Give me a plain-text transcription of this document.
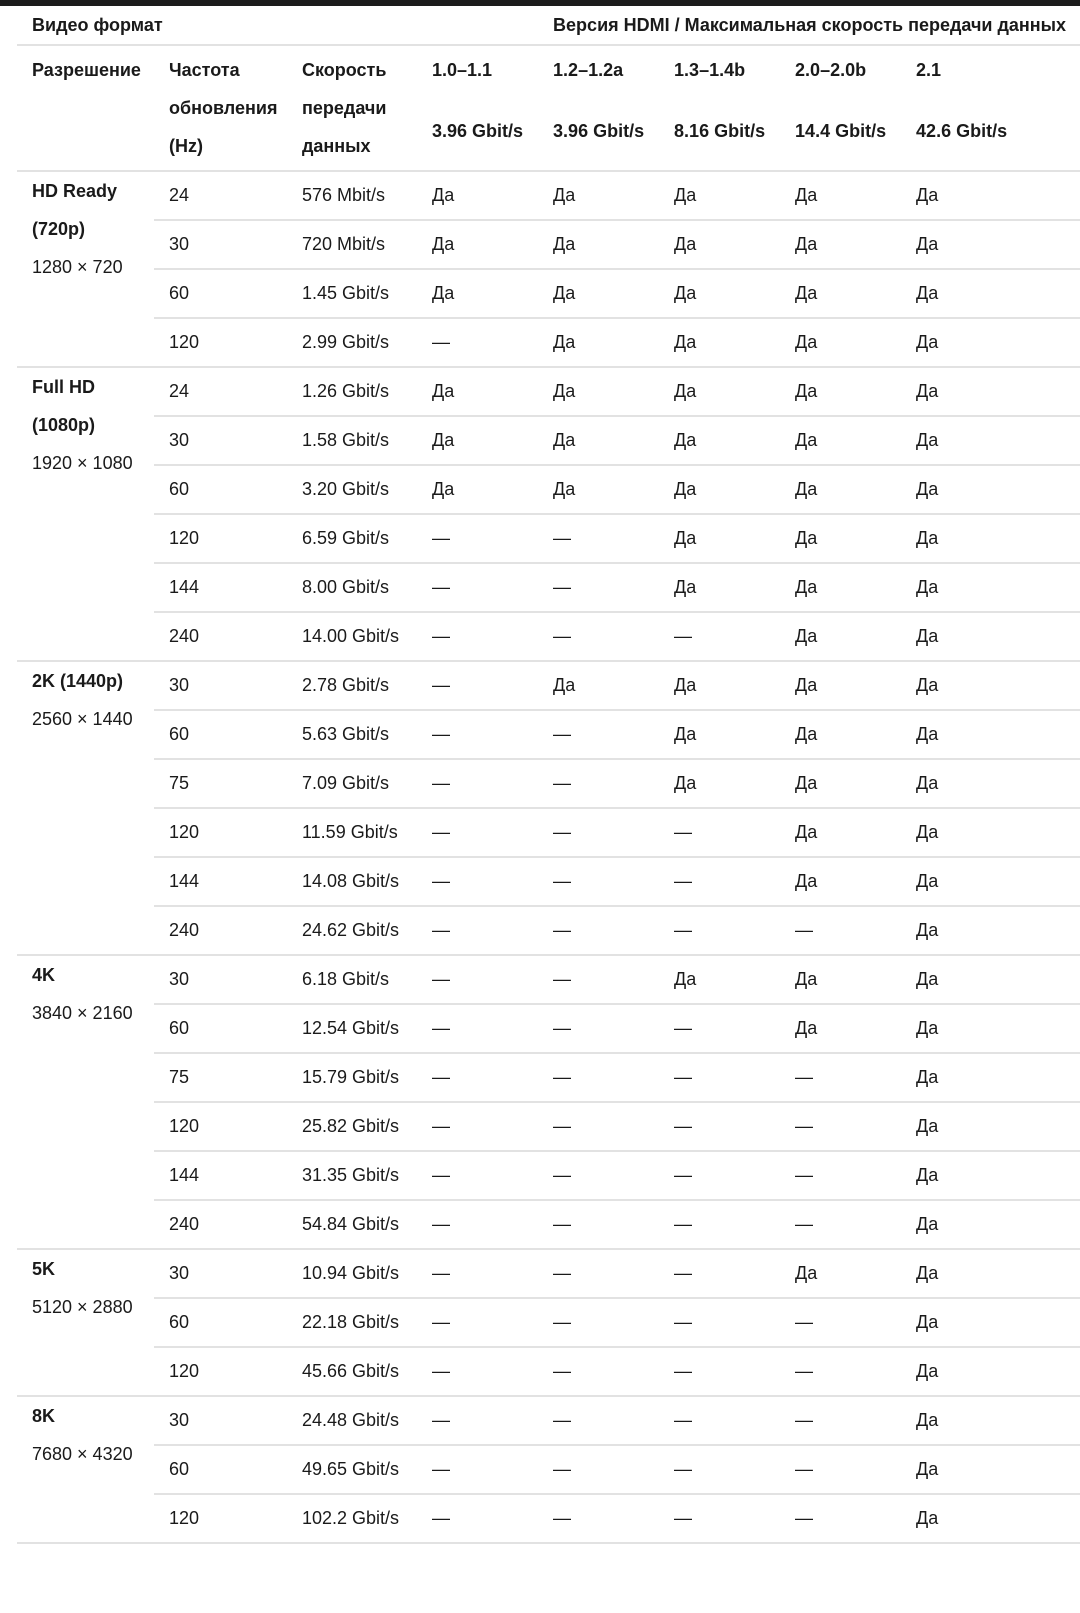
Видео формат				Версия HDMI / Максимальная скорость передачи данных			
Разрешение	Частота обновления (Hz)	Скорость передачи данных	1.0–1.1	1.2–1.2a	1.3–1.4b	2.0–2.0b	2.1
			3.96 Gbit/s	3.96 Gbit/s	8.16 Gbit/s	14.4 Gbit/s	42.6 Gbit/s

HD Ready (720p)
1280 × 720	24	576 Mbit/s	Да	Да	Да	Да	Да
	30	720 Mbit/s	Да	Да	Да	Да	Да
	60	1.45 Gbit/s	Да	Да	Да	Да	Да
	120	2.99 Gbit/s	—	Да	Да	Да	Да

Full HD (1080p)
1920 × 1080	24	1.26 Gbit/s	Да	Да	Да	Да	Да
	30	1.58 Gbit/s	Да	Да	Да	Да	Да
	60	3.20 Gbit/s	Да	Да	Да	Да	Да
	120	6.59 Gbit/s	—	—	Да	Да	Да
	144	8.00 Gbit/s	—	—	Да	Да	Да
	240	14.00 Gbit/s	—	—	—	Да	Да

2K (1440p)
2560 × 1440	30	2.78 Gbit/s	—	Да	Да	Да	Да
	60	5.63 Gbit/s	—	—	Да	Да	Да
	75	7.09 Gbit/s	—	—	Да	Да	Да
	120	11.59 Gbit/s	—	—	—	Да	Да
	144	14.08 Gbit/s	—	—	—	Да	Да
	240	24.62 Gbit/s	—	—	—	—	Да

4K
3840 × 2160	30	6.18 Gbit/s	—	—	Да	Да	Да
	60	12.54 Gbit/s	—	—	—	Да	Да
	75	15.79 Gbit/s	—	—	—	—	Да
	120	25.82 Gbit/s	—	—	—	—	Да
	144	31.35 Gbit/s	—	—	—	—	Да
	240	54.84 Gbit/s	—	—	—	—	Да

5K
5120 × 2880	30	10.94 Gbit/s	—	—	—	Да	Да
	60	22.18 Gbit/s	—	—	—	—	Да
	120	45.66 Gbit/s	—	—	—	—	Да

8K
7680 × 4320	30	24.48 Gbit/s	—	—	—	—	Да
	60	49.65 Gbit/s	—	—	—	—	Да
	120	102.2 Gbit/s	—	—	—	—	Да
